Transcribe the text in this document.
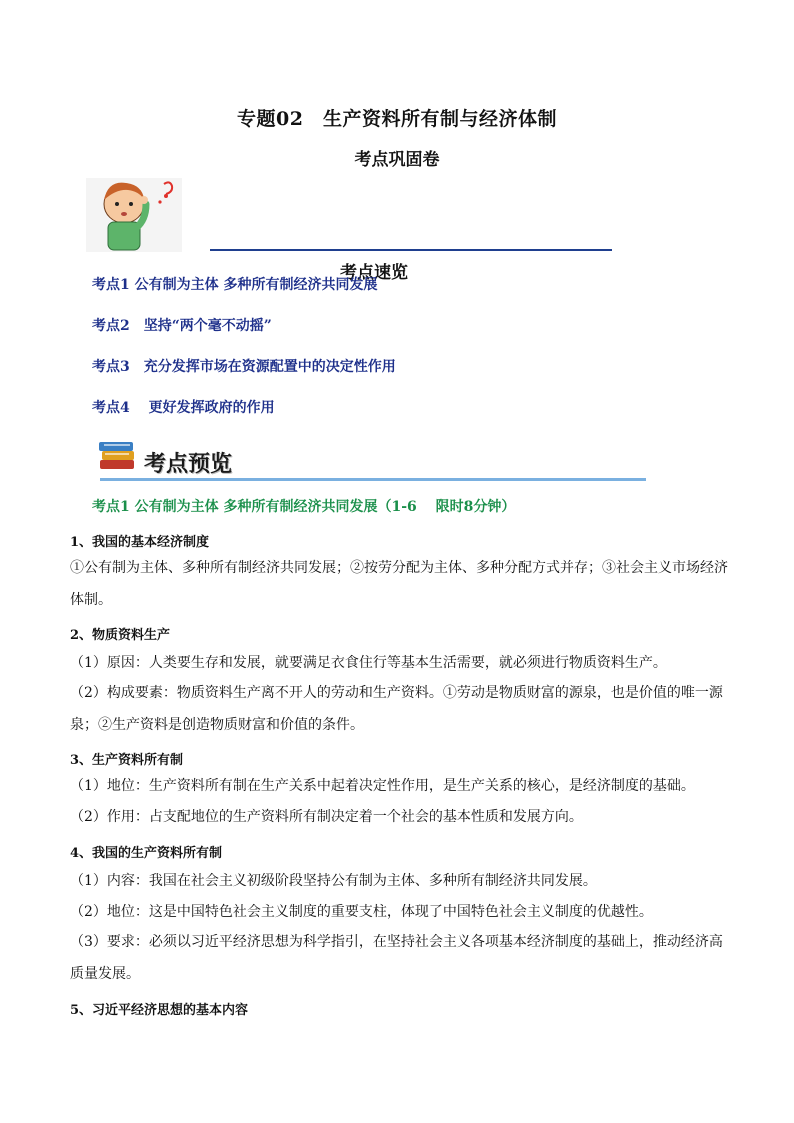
专题02　生产资料所有制与经济体制
考点巩固卷
考点速览
考点1 公有制为主体 多种所有制经济共同发展
考点2　坚持“两个毫不动摇”
考点3　充分发挥市场在资源配置中的决定性作用
考点4　 更好发挥政府的作用
考点预览
考点1 公有制为主体 多种所有制经济共同发展（1-6　 限时8分钟）
1、我国的基本经济制度
①公有制为主体、多种所有制经济共同发展；②按劳分配为主体、多种分配方式并存；③社会主义市场经济体制。
2、物质资料生产
（1）原因：人类要生存和发展，就要满足衣食住行等基本生活需要，就必须进行物质资料生产。
（2）构成要素：物质资料生产离不开人的劳动和生产资料。①劳动是物质财富的源泉，也是价值的唯一源泉；②生产资料是创造物质财富和价值的条件。
3、生产资料所有制
（1）地位：生产资料所有制在生产关系中起着决定性作用，是生产关系的核心，是经济制度的基础。
（2）作用：占支配地位的生产资料所有制决定着一个社会的基本性质和发展方向。
4、我国的生产资料所有制
（1）内容：我国在社会主义初级阶段坚持公有制为主体、多种所有制经济共同发展。
（2）地位：这是中国特色社会主义制度的重要支柱，体现了中国特色社会主义制度的优越性。
（3）要求：必须以习近平经济思想为科学指引，在坚持社会主义各项基本经济制度的基础上，推动经济高质量发展。
5、习近平经济思想的基本内容
